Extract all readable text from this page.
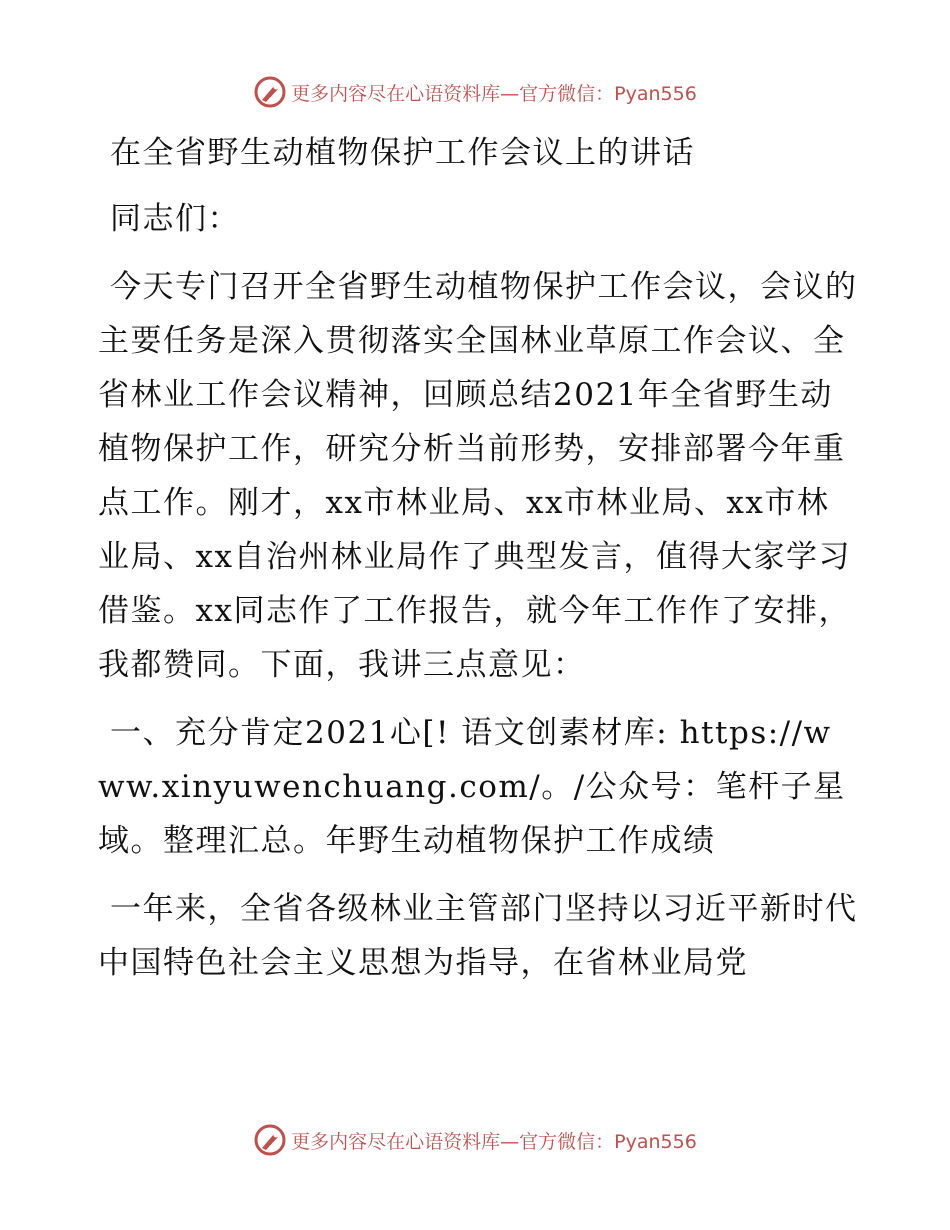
更多内容尽在心语资料库—官方微信：Pyan556

在全省野生动植物保护工作会议上的讲话

同志们：

今天专门召开全省野生动植物保护工作会议，会议的主要任务是深入贯彻落实全国林业草原工作会议、全省林业工作会议精神，回顾总结2021年全省野生动植物保护工作，研究分析当前形势，安排部署今年重点工作。刚才，xx市林业局、xx市林业局、xx市林业局、xx自治州林业局作了典型发言，值得大家学习借鉴。xx同志作了工作报告，就今年工作作了安排，我都赞同。下面，我讲三点意见：

一、充分肯定2021心[! 语文创素材库: https://www.xinyuwenchuang.com/。/公众号：笔杆子星域。整理汇总。年野生动植物保护工作成绩

一年来，全省各级林业主管部门坚持以习近平新时代中国特色社会主义思想为指导，在省林业局党

更多内容尽在心语资料库—官方微信：Pyan556
